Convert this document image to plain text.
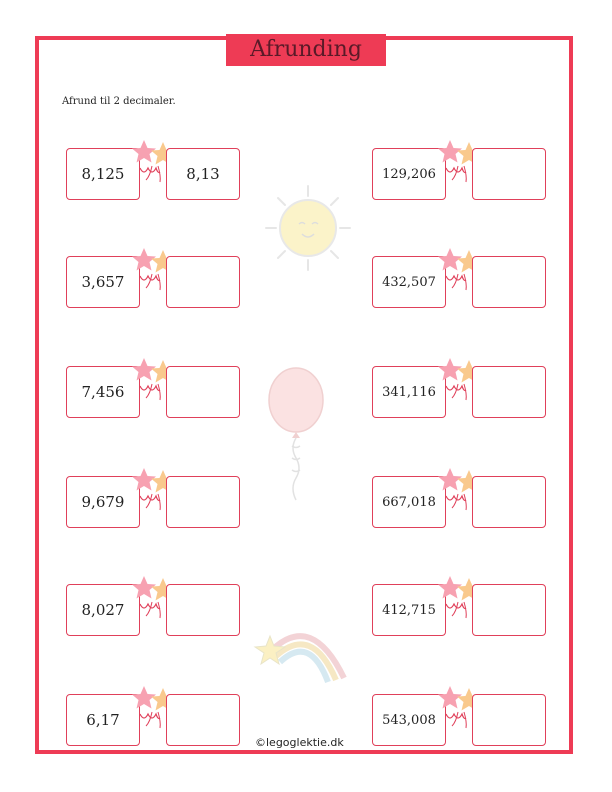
Afrunding
Afrund til 2 decimaler.
8,125	8,13
3,657
7,456
9,679
8,027
6,17
129,206
432,507
341,116
667,018
412,715
543,008
©legoglektie.dk
